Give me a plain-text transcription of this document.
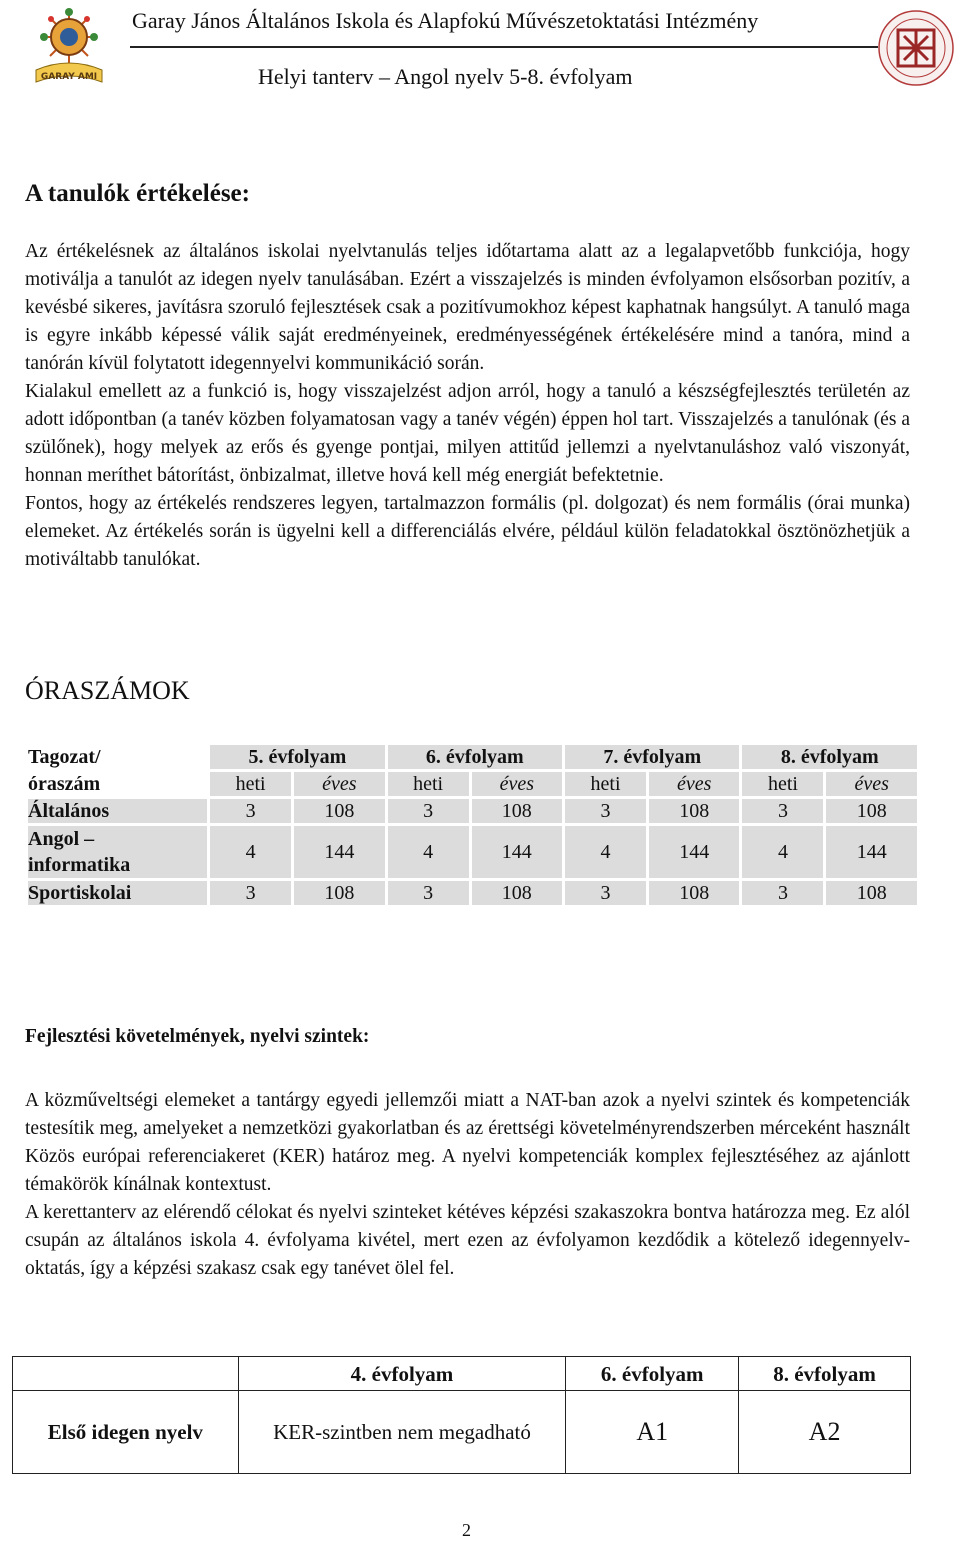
GARAY AMI
Garay János Általános Iskola és Alapfokú Művészetoktatási Intézmény
Helyi tanterv – Angol nyelv 5-8. évfolyam
A tanulók értékelése:

Az értékelésnek az általános iskolai nyelvtanulás teljes időtartama alatt az a legalapvetőbb funkciója, hogy motiválja a tanulót az idegen nyelv tanulásában. Ezért a visszajelzés is minden évfolyamon elsősorban pozitív, a kevésbé sikeres, javításra szoruló fejlesztések csak a pozitívumokhoz képest kaphatnak hangsúlyt. A tanuló maga is egyre inkább képessé válik saját eredményeinek, eredményességének értékelésére mind a tanóra, mind a tanórán kívül folytatott idegennyelvi kommunikáció során.

Kialakul emellett az a funkció is, hogy visszajelzést adjon arról, hogy a tanuló a készségfejlesztés területén az adott időpontban (a tanév közben folyamatosan vagy a tanév végén) éppen hol tart. Visszajelzés a tanulónak (és a szülőnek), hogy melyek az erős és gyenge pontjai, milyen attitűd jellemzi a nyelvtanuláshoz való viszonyát, honnan meríthet bátorítást, önbizalmat, illetve hová kell még energiát befektetnie.

Fontos, hogy az értékelés rendszeres legyen, tartalmazzon formális (pl. dolgozat) és nem formális (órai munka) elemeket. Az értékelés során is ügyelni kell a differenciálás elvére, például külön feladatokkal ösztönözhetjük a motiváltabb tanulókat.

ÓRASZÁMOK
Tagozat/	5. évfolyam		6. évfolyam		7. évfolyam		8. évfolyam	
óraszám	heti	éves	heti	éves	heti	éves	heti	éves
Általános	3	108	3	108	3	108	3	108

Angol –
informatika	4	144	4	144	4	144	4	144
Sportiskolai	3	108	3	108	3	108	3	108
Fejlesztési követelmények, nyelvi szintek:

A közműveltségi elemeket a tantárgy egyedi jellemzői miatt a NAT-ban azok a nyelvi szintek és kompetenciák testesítik meg, amelyeket a nemzetközi gyakorlatban és az érettségi követelményrendszerben mérceként használt Közös európai referenciakeret (KER) határoz meg. A nyelvi kompetenciák komplex fejlesztéséhez az ajánlott témakörök kínálnak kontextust.

A kerettanterv az elérendő célokat és nyelvi szinteket kétéves képzési szakaszokra bontva határozza meg. Ez alól csupán az általános iskola 4. évfolyama kivétel, mert ezen az évfolyamon kezdődik a kötelező idegennyelv-oktatás, így a képzési szakasz csak egy tanévet ölel fel.

	4. évfolyam	6. évfolyam	8. évfolyam
Első idegen nyelv	KER-szintben nem megadható	A1	A2
2
